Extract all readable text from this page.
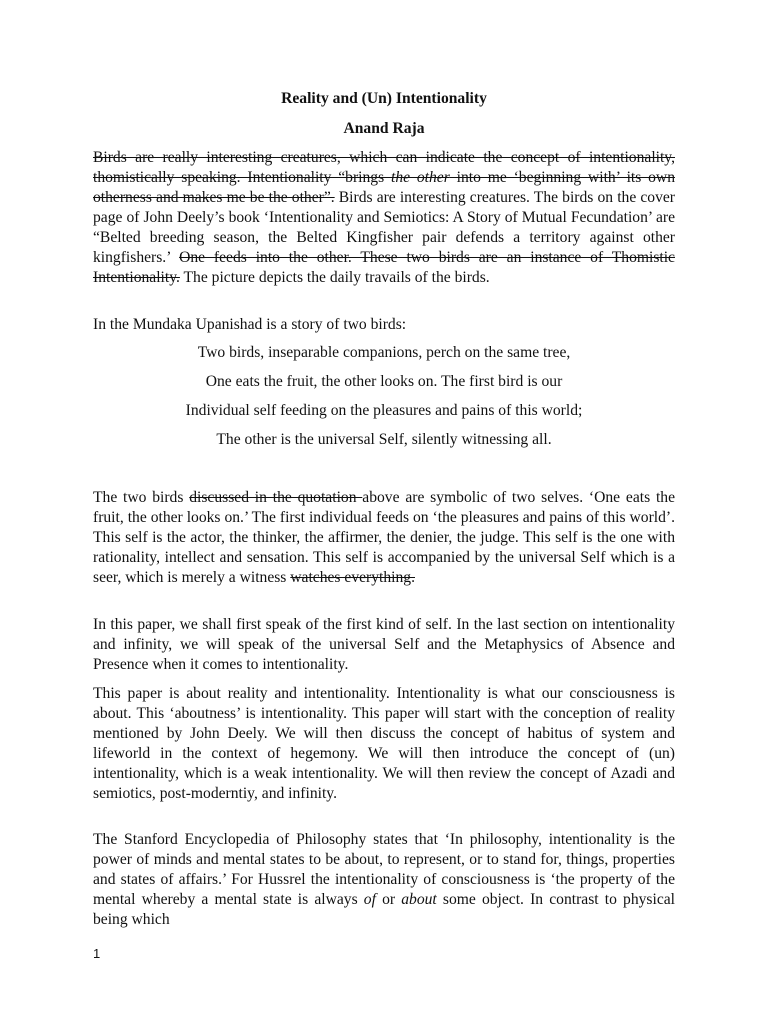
Reality and (Un) Intentionality
Anand Raja

Birds are really interesting creatures, which can indicate the concept of intentionality, thomistically speaking. Intentionality “brings the other into me ‘beginning with’ its own otherness and makes me be the other”. Birds are interesting creatures. The birds on the cover page of John Deely’s book ‘Intentionality and Semiotics: A Story of Mutual Fecundation’ are “Belted breeding season, the Belted Kingfisher pair defends a territory against other kingfishers.’ One feeds into the other. These two birds are an instance of Thomistic Intentionality. The picture depicts the daily travails of the birds.

In the Mundaka Upanishad is a story of two birds:

Two birds, inseparable companions, perch on the same tree,
One eats the fruit, the other looks on. The first bird is our
Individual self feeding on the pleasures and pains of this world;
The other is the universal Self, silently witnessing all.

The two birds discussed in the quotation above are symbolic of two selves. ‘One eats the fruit, the other looks on.’ The first individual feeds on ‘the pleasures and pains of this world’. This self is the actor, the thinker, the affirmer, the denier, the judge. This self is the one with rationality, intellect and sensation. This self is accompanied by the universal Self which is a seer, which is merely a witness watches everything.

In this paper, we shall first speak of the first kind of self. In the last section on intentionality and infinity, we will speak of the universal Self and the Metaphysics of Absence and Presence when it comes to intentionality.

This paper is about reality and intentionality. Intentionality is what our consciousness is about. This ‘aboutness’ is intentionality. This paper will start with the conception of reality mentioned by John Deely. We will then discuss the concept of habitus of system and lifeworld in the context of hegemony. We will then introduce the concept of (un) intentionality, which is a weak intentionality. We will then review the concept of Azadi and semiotics, post-moderntiy, and infinity.

The Stanford Encyclopedia of Philosophy states that ‘In philosophy, intentionality is the power of minds and mental states to be about, to represent, or to stand for, things, properties and states of affairs.’ For Hussrel the intentionality of consciousness is ‘the property of the mental whereby a mental state is always of or about some object. In contrast to physical being which

1
